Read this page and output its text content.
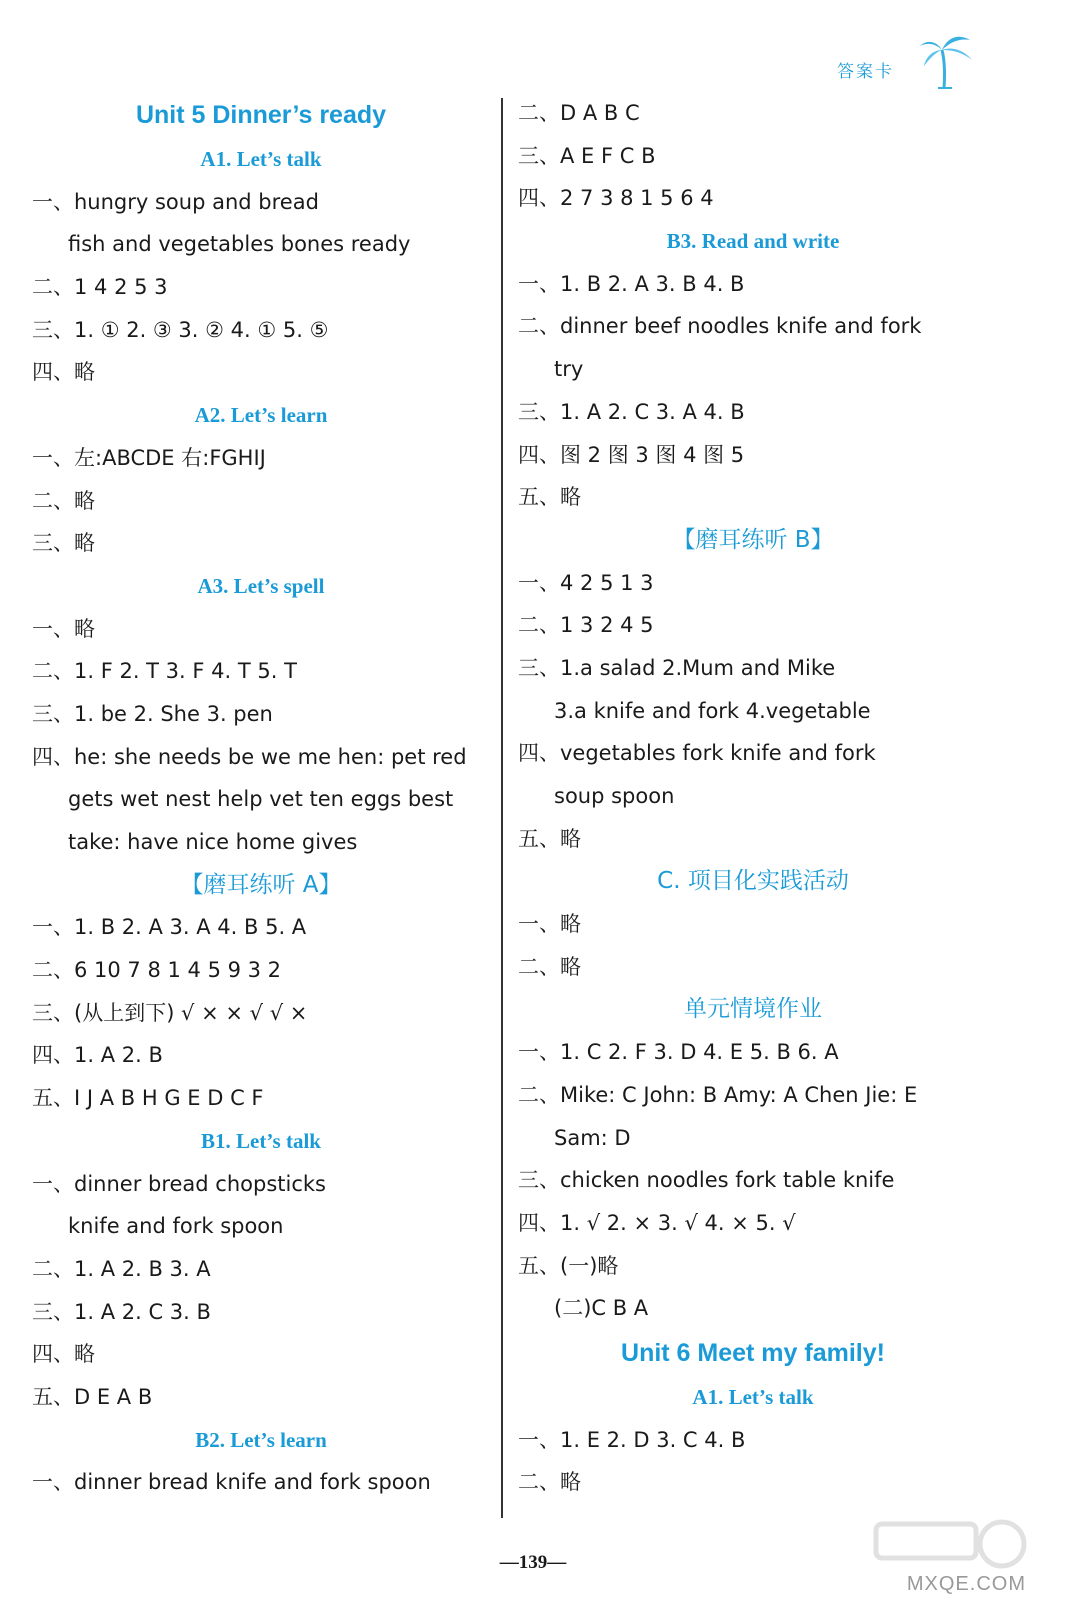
答案卡
Unit 5 Dinner’s ready
A1. Let’s talk
一、hungry soup and bread
fish and vegetables bones ready
二、1 4 2 5 3
三、1. ① 2. ③ 3. ② 4. ① 5. ⑤
四、略
A2. Let’s learn
一、左:ABCDE 右:FGHIJ
二、略
三、略
A3. Let’s spell
一、略
二、1. F 2. T 3. F 4. T 5. T
三、1. be 2. She 3. pen
四、he: she needs be we me hen: pet red
gets wet nest help vet ten eggs best
take: have nice home gives
【磨耳练听 A】
一、1. B 2. A 3. A 4. B 5. A
二、6 10 7 8 1 4 5 9 3 2
三、(从上到下) √ × × √ √ ×
四、1. A 2. B
五、I J A B H G E D C F
B1. Let’s talk
一、dinner bread chopsticks
knife and fork spoon
二、1. A 2. B 3. A
三、1. A 2. C 3. B
四、略
五、D E A B
B2. Let’s learn
一、dinner bread knife and fork spoon
二、D A B C
三、A E F C B
四、2 7 3 8 1 5 6 4
B3. Read and write
一、1. B 2. A 3. B 4. B
二、dinner beef noodles knife and fork
try
三、1. A 2. C 3. A 4. B
四、图 2 图 3 图 4 图 5
五、略
【磨耳练听 B】
一、4 2 5 1 3
二、1 3 2 4 5
三、1.a salad 2.Mum and Mike
3.a knife and fork 4.vegetable
四、vegetables fork knife and fork
soup spoon
五、略
C. 项目化实践活动
一、略
二、略
单元情境作业
一、1. C 2. F 3. D 4. E 5. B 6. A
二、Mike: C John: B Amy: A Chen Jie: E
Sam: D
三、chicken noodles fork table knife
四、1. √ 2. × 3. √ 4. × 5. √
五、(一)略
(二)C B A
Unit 6 Meet my family!
A1. Let’s talk
一、1. E 2. D 3. C 4. B
二、略
—139—
MXQE.COM
